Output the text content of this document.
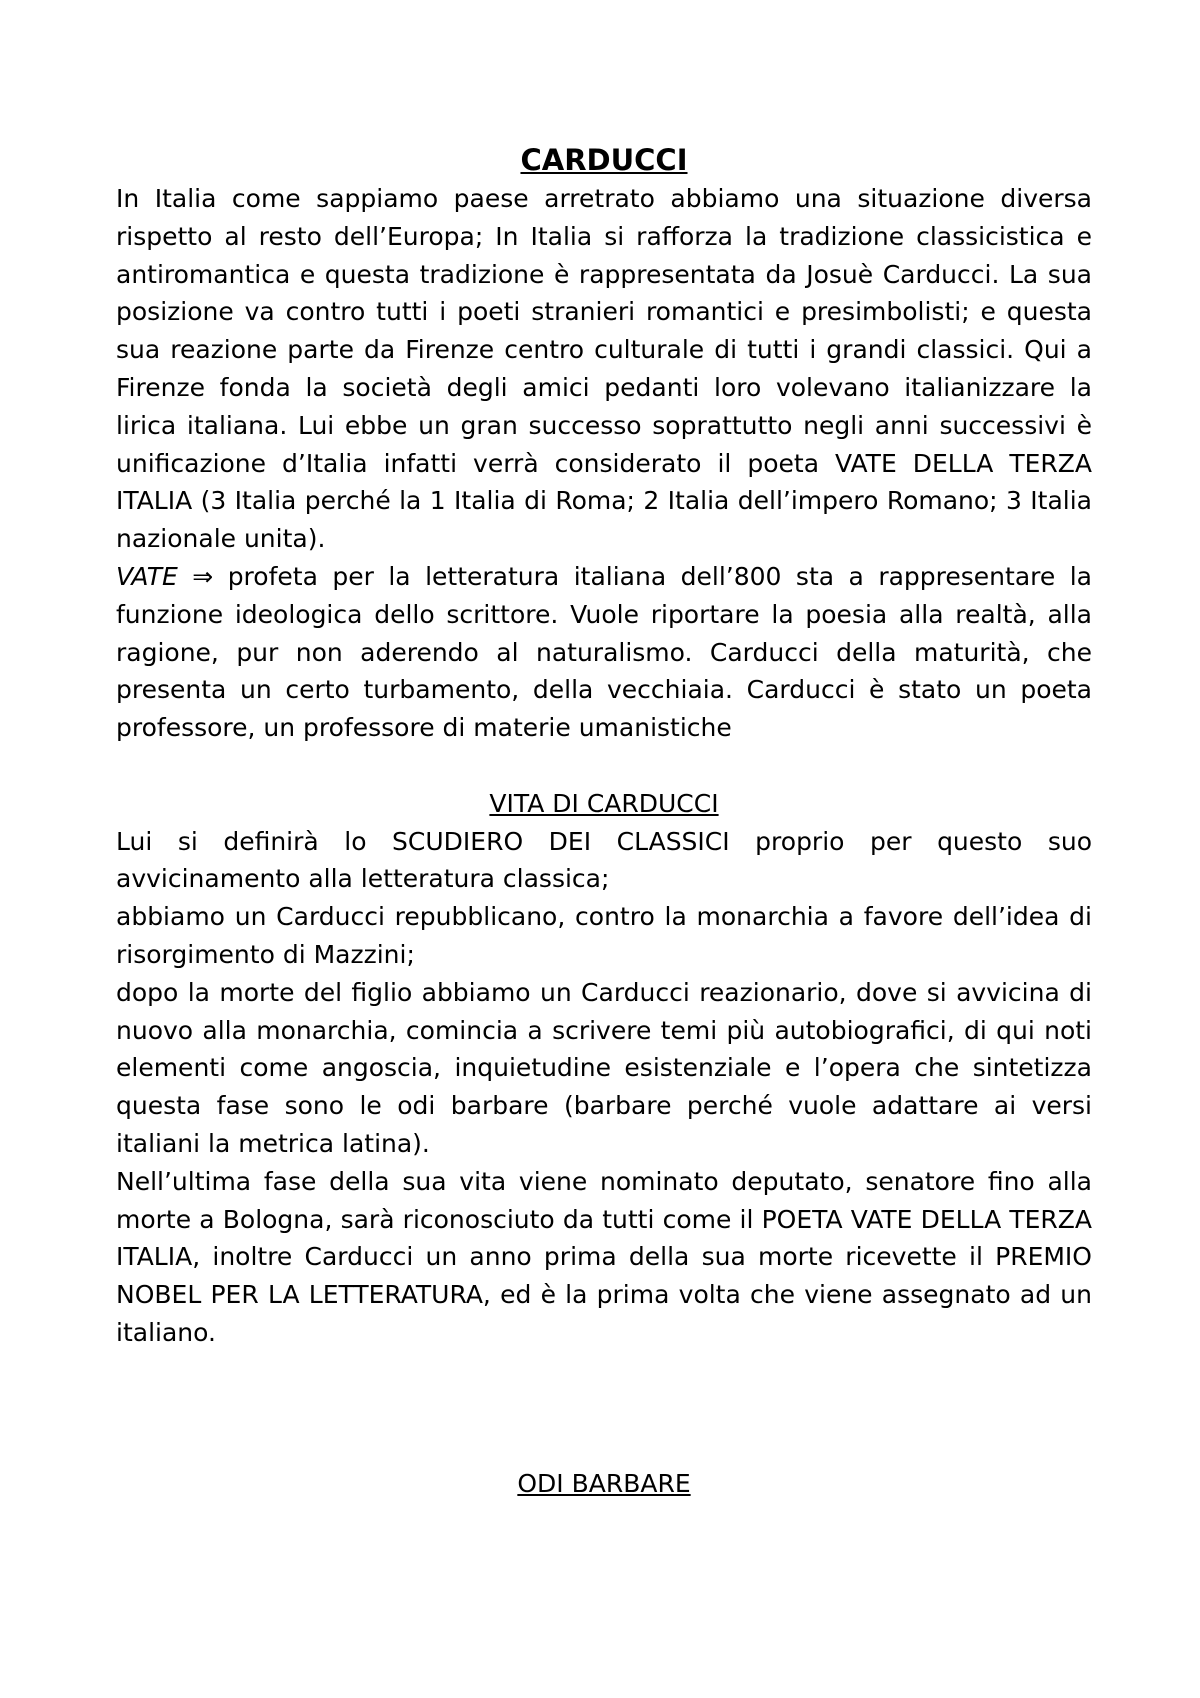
CARDUCCI

In Italia come sappiamo paese arretrato abbiamo una situazione diversa rispetto al resto dell’Europa; In Italia si rafforza la tradizione classicistica e antiromantica e questa tradizione è rappresentata da Josuè Carducci. La sua posizione va contro tutti i poeti stranieri romantici e presimbolisti; e questa sua reazione parte da Firenze centro culturale di tutti i grandi classici. Qui a Firenze fonda la società degli amici pedanti loro volevano italianizzare la lirica italiana. Lui ebbe un gran successo soprattutto negli anni successivi è unificazione d’Italia infatti verrà considerato il poeta VATE DELLA TERZA ITALIA (3 Italia perché la 1 Italia di Roma; 2 Italia dell’impero Romano; 3 Italia nazionale unita).

VATE ⇒ profeta per la letteratura italiana dell’800 sta a rappresentare la funzione ideologica dello scrittore. Vuole riportare la poesia alla realtà, alla ragione, pur non aderendo al naturalismo. Carducci della maturità, che presenta un certo turbamento, della vecchiaia. Carducci è stato un poeta professore, un professore di materie umanistiche

VITA DI CARDUCCI

Lui si definirà lo SCUDIERO DEI CLASSICI proprio per questo suo avvicinamento alla letteratura classica;

abbiamo un Carducci repubblicano, contro la monarchia a favore dell’idea di risorgimento di Mazzini;

dopo la morte del figlio abbiamo un Carducci reazionario, dove si avvicina di nuovo alla monarchia, comincia a scrivere temi più autobiografici, di qui noti elementi come angoscia, inquietudine esistenziale e l’opera che sintetizza questa fase sono le odi barbare (barbare perché vuole adattare ai versi italiani la metrica latina).

Nell’ultima fase della sua vita viene nominato deputato, senatore fino alla morte a Bologna, sarà riconosciuto da tutti come il POETA VATE DELLA TERZA ITALIA, inoltre Carducci un anno prima della sua morte ricevette il PREMIO NOBEL PER LA LETTERATURA, ed è la prima volta che viene assegnato ad un italiano.

ODI BARBARE
